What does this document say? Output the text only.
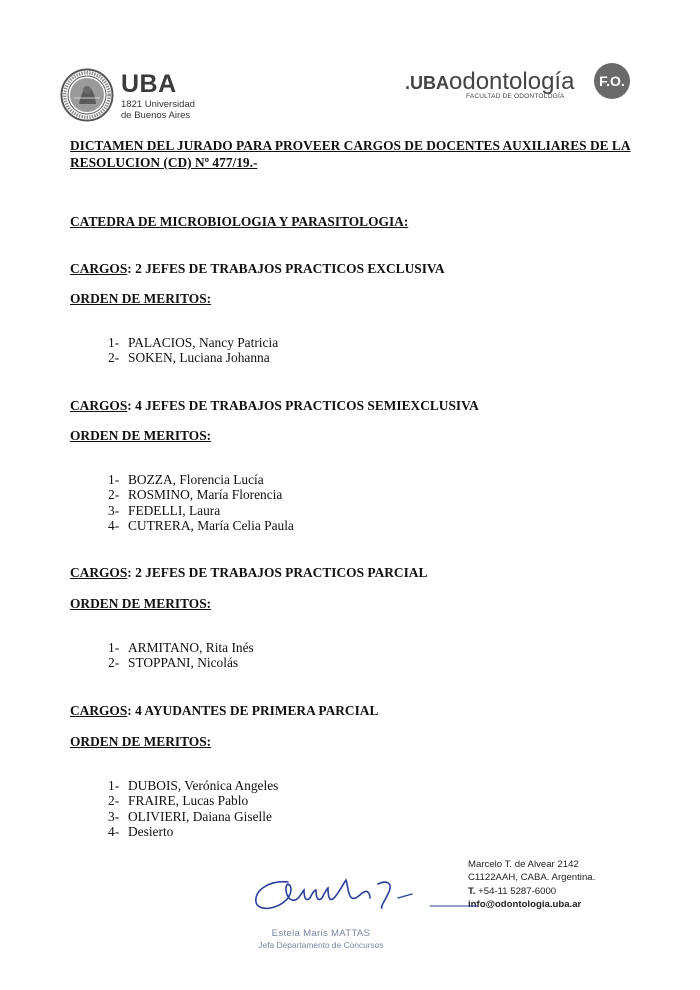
UBA
1821 Universidad
de Buenos Aires
.UBAodontología
FACULTAD DE ODONTOLOGÍA
F.O.
DICTAMEN DEL JURADO PARA PROVEER CARGOS DE DOCENTES AUXILIARES DE LA RESOLUCION (CD) Nº 477/19.-
CATEDRA DE MICROBIOLOGIA Y PARASITOLOGIA:
CARGOS: 2 JEFES DE TRABAJOS PRACTICOS EXCLUSIVA
ORDEN DE MERITOS:
1- PALACIOS, Nancy Patricia
2- SOKEN, Luciana Johanna
CARGOS: 4 JEFES DE TRABAJOS PRACTICOS SEMIEXCLUSIVA
ORDEN DE MERITOS:
1- BOZZA, Florencia Lucía
2- ROSMINO, María Florencia
3- FEDELLI, Laura
4- CUTRERA, María Celia Paula
CARGOS: 2 JEFES DE TRABAJOS PRACTICOS PARCIAL
ORDEN DE MERITOS:
1- ARMITANO, Rita Inés
2- STOPPANI, Nicolás
CARGOS: 4 AYUDANTES DE PRIMERA PARCIAL
ORDEN DE MERITOS:
1- DUBOIS, Verónica Angeles
2- FRAIRE, Lucas Pablo
3- OLIVIERI, Daiana Giselle
4- Desierto
Marcelo T. de Alvear 2142
C1122AAH, CABA. Argentina.
T. +54-11 5287-6000
info@odontologia.uba.ar
Estela Maris MATTAS
Jefa Departamento de Concursos
